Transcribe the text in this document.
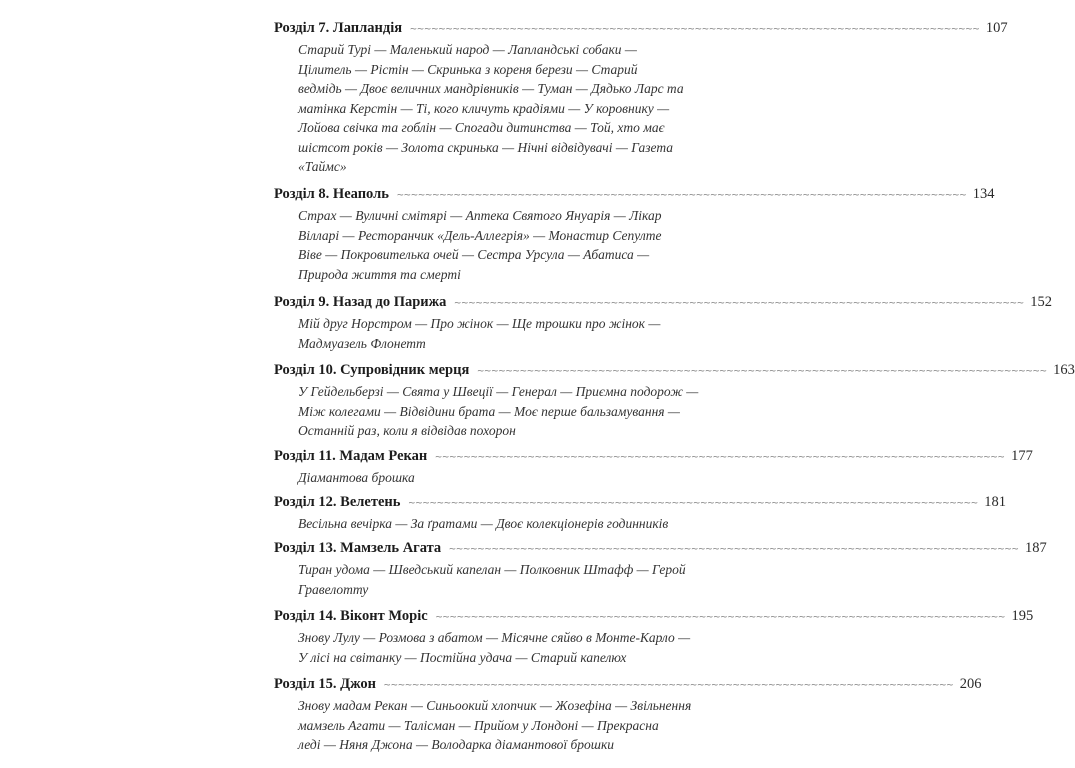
Розділ 7. Лапландія ~~~~~~~~~~~~~~~~~~~~~~~~~~~~~~~~~~~~~~~~~~~~~~~~~~~~~~~~~~~~~~~~~~~~~~~~~~~~~~~~ 107
Старий Турі — Маленький народ — Лапландські собаки —
Цілитель — Рістін — Скринька з кореня берези — Старий
ведмідь — Двоє величних мандрівників — Туман — Дядько Ларс та
матінка Керстін — Ті, кого кличуть крадіями — У коровнику —
Лойова свічка та гоблін — Спогади дитинства — Той, хто має
шістсот років — Золота скринька — Нічні відвідувачі — Газета
«Таймс»
Розділ 8. Неаполь ~~~~~~~~~~~~~~~~~~~~~~~~~~~~~~~~~~~~~~~~~~~~~~~~~~~~~~~~~~~~~~~~~~~~~~~~~~~~~~~~ 134
Страх — Вуличні смітярі — Аптека Святого Януарія — Лікар
Вілларі — Ресторанчик «Дель-Аллегрія» — Монастир Сепулте
Віве — Покровителька очей — Сестра Урсула — Абатиса —
Природа життя та смерті
Розділ 9. Назад до Парижа ~~~~~~~~~~~~~~~~~~~~~~~~~~~~~~~~~~~~~~~~~~~~~~~~~~~~~~~~~~~~~~~~~~~~~~~~~~~~~~~~ 152
Мій друг Норстром — Про жінок — Ще трошки про жінок —
Мадмуазель Флонетт
Розділ 10. Супровідник мерця ~~~~~~~~~~~~~~~~~~~~~~~~~~~~~~~~~~~~~~~~~~~~~~~~~~~~~~~~~~~~~~~~~~~~~~~~~~~~~~~~ 163
У Гейдельберзі — Свята у Швеції — Генерал — Приємна подорож —
Між колегами — Відвідини брата — Моє перше бальзамування —
Останній раз, коли я відвідав похорон
Розділ 11. Мадам Рекан ~~~~~~~~~~~~~~~~~~~~~~~~~~~~~~~~~~~~~~~~~~~~~~~~~~~~~~~~~~~~~~~~~~~~~~~~~~~~~~~~ 177
Діамантова брошка
Розділ 12. Велетень ~~~~~~~~~~~~~~~~~~~~~~~~~~~~~~~~~~~~~~~~~~~~~~~~~~~~~~~~~~~~~~~~~~~~~~~~~~~~~~~~ 181
Весільна вечірка — За ґратами — Двоє колекціонерів годинників
Розділ 13. Мамзель Агата ~~~~~~~~~~~~~~~~~~~~~~~~~~~~~~~~~~~~~~~~~~~~~~~~~~~~~~~~~~~~~~~~~~~~~~~~~~~~~~~~ 187
Тиран удома — Шведський капелан — Полковник Штафф — Герой
Гравелотту
Розділ 14. Віконт Моріс ~~~~~~~~~~~~~~~~~~~~~~~~~~~~~~~~~~~~~~~~~~~~~~~~~~~~~~~~~~~~~~~~~~~~~~~~~~~~~~~~ 195
Знову Лулу — Розмова з абатом — Місячне сяйво в Монте-Карло —
У лісі на світанку — Постійна удача — Старий капелюх
Розділ 15. Джон ~~~~~~~~~~~~~~~~~~~~~~~~~~~~~~~~~~~~~~~~~~~~~~~~~~~~~~~~~~~~~~~~~~~~~~~~~~~~~~~~ 206
Знову мадам Рекан — Синьоокий хлопчик — Жозефіна — Звільнення
мамзель Агати — Талісман — Прийом у Лондоні — Прекрасна
леді — Няня Джона — Володарка діамантової брошки
